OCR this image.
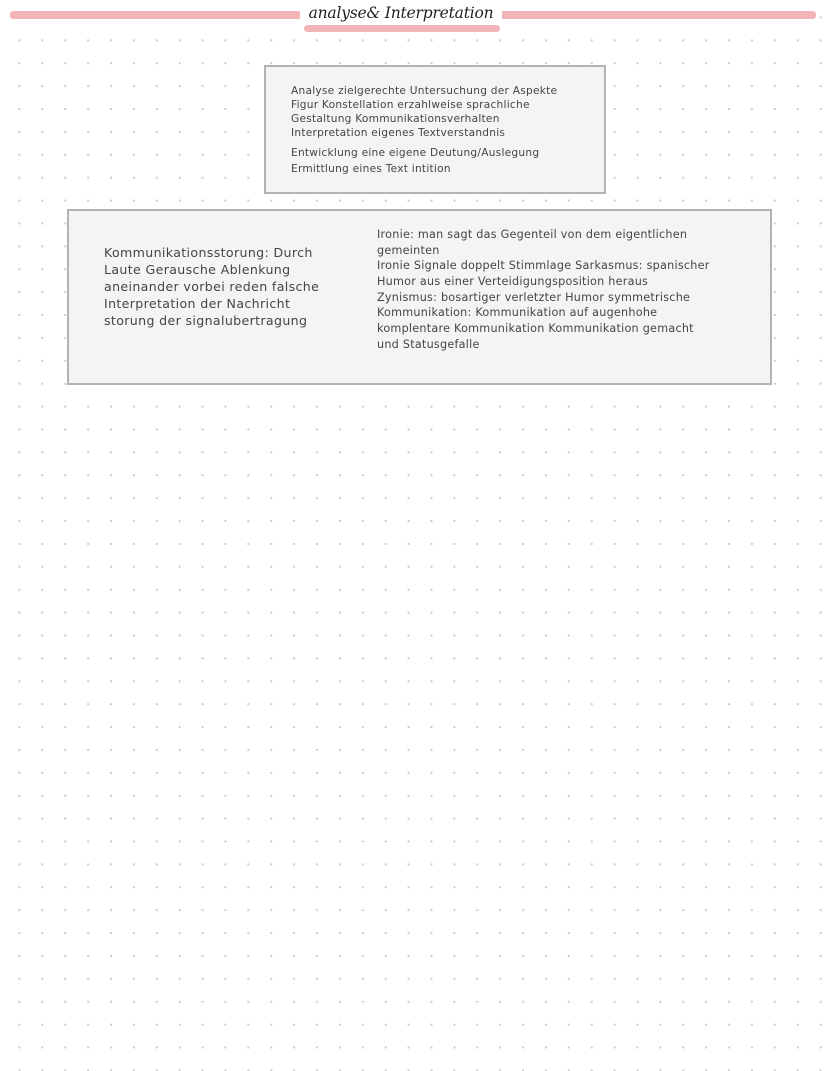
analyse& Interpretation
Analyse zielgerechte Untersuchung der Aspekte
Figur Konstellation erzahlweise sprachliche
Gestaltung Kommunikationsverhalten
Interpretation eigenes Textverstandnis
Entwicklung eine eigene Deutung/Auslegung
Ermittlung eines Text intition
Kommunikationsstorung: Durch
Laute Gerausche Ablenkung
aneinander vorbei reden falsche
Interpretation der Nachricht
storung der signalubertragung
Ironie: man sagt das Gegenteil von dem eigentlichen
gemeinten
Ironie Signale doppelt Stimmlage Sarkasmus: spanischer
Humor aus einer Verteidigungsposition heraus
Zynismus: bosartiger verletzter Humor symmetrische
Kommunikation: Kommunikation auf augenhohe
komplentare Kommunikation Kommunikation gemacht
und Statusgefalle
